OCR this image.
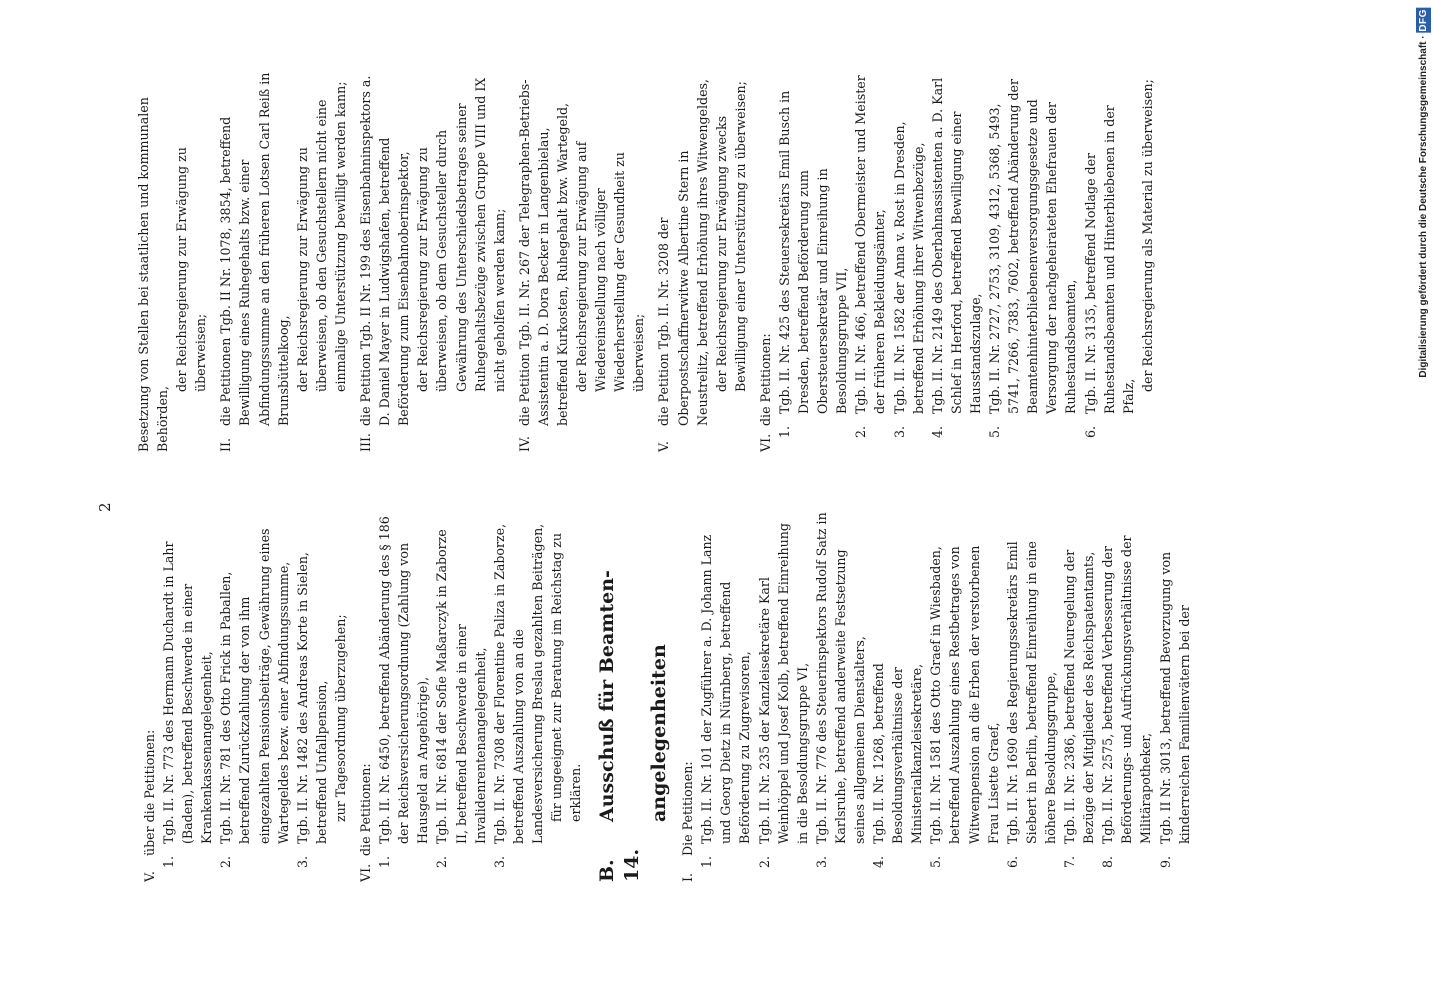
2
V.
über die Petitionen:
1.
Tgb. II. Nr. 773 des Hermann Duchardt in Lahr (Baden), betreffend Beschwerde in einer Krankenkassenangelegenheit,
2.
Tgb. II. Nr. 781 des Otto Frick in Paballen, betreffend Zurückzahlung der von ihm eingezahlten Pensionsbeiträge, Gewährung eines Wartegeldes bezw. einer Abfindungssumme,
3.
Tgb. II. Nr. 1482 des Andreas Korte in Sielen, betreffend Unfallpension, zur Tagesordnung überzugehen;
VI.
die Petitionen:
1.
Tgb. II. Nr. 6450, betreffend Abänderung des § 186 der Reichsversicherungsordnung (Zahlung von Hausgeld an Angehörige),
2.
Tgb. II. Nr. 6814 der Sofie Maßarczyk in Zaborze II, betreffend Beschwerde in einer Invalidenrentenangelegenheit,
3.
Tgb. II. Nr. 7308 der Florentine Paliza in Zaborze, betreffend Auszahlung von an die Landesversicherung Breslau gezahlten Beiträgen, für ungeeignet zur Beratung im Reichstag zu erklären.
B. 14.
Ausschuß für Beamten-	angelegenheiten
I.
Die Petitionen:
1.
Tgb. II. Nr. 101 der Zugführer a. D. Johann Lanz und Georg Dietz in Nürnberg, betreffend Beförderung zu Zugrevisoren,
2.
Tgb. II. Nr. 235 der Kanzleisekretäre Karl Weinhöppel und Josef Kolb, betreffend Einreihung in die Besoldungsgruppe VI,
3.
Tgb. II. Nr. 776 des Steuerinspektors Rudolf Satz in Karlsruhe, betreffend anderweite Festsetzung seines allgemeinen Dienstalters,
4.
Tgb. II. Nr. 1268, betreffend Besoldungsverhältnisse der Ministerialkanzleisekretäre,
5.
Tgb. II. Nr. 1581 des Otto Graef in Wiesbaden, betreffend Auszahlung eines Restbetrages von Witwenpension an die Erben der verstorbenen Frau Lisette Graef,
6.
Tgb. II. Nr. 1690 des Regierungssekretärs Emil Siebert in Berlin, betreffend Einreihung in eine höhere Besoldungsgruppe,
7.
Tgb. II. Nr. 2386, betreffend Neuregelung der Bezüge der Mitglieder des Reichspatentamts,
8.
Tgb. II. Nr. 2575, betreffend Verbesserung der Beförderungs- und Aufrückungsverhältnisse der Militärapotheker,
9.
Tgb. II Nr. 3013, betreffend Bevorzugung von kinderreichen Familienvätern bei der
Besetzung von Stellen bei staatlichen und kommunalen Behörden,
der Reichsregierung zur Erwägung zu überweisen;
II.
die Petitionen Tgb. II Nr. 1078, 3854, betreffend Bewilligung eines Ruhegehalts bzw. einer Abfindungssumme an den früheren Lotsen Carl Reiß in Brunsbüttelkoog, der Reichsregierung zur Erwägung zu überweisen, ob den Gesuchstellern nicht eine einmalige Unterstützung bewilligt werden kann;
III.
die Petition Tgb. II Nr. 199 des Eisenbahninspektors a. D. Daniel Mayer in Ludwigshafen, betreffend Beförderung zum Eisenbahnoberinspektor, der Reichsregierung zur Erwägung zu überweisen, ob dem Gesuchsteller durch Gewährung des Unterschiedsbetrages seiner Ruhegehaltsbezüge zwischen Gruppe VIII und IX nicht geholfen werden kann;
IV.
die Petition Tgb. II. Nr. 267 der Telegraphen-Betriebs-Assistentin a. D. Dora Becker in Langenbielau, betreffend Kurkosten, Ruhegehalt bzw. Wartegeld, der Reichsregierung zur Erwägung auf Wiedereinstellung nach völliger Wiederherstellung der Gesundheit zu überweisen;
V.
die Petition Tgb. II. Nr. 3208 der Oberpostschaffnerwitwe Albertine Stern in Neustrelitz, betreffend Erhöhung ihres Witwengeldes, der Reichsregierung zur Erwägung zwecks Bewilligung einer Unterstützung zu überweisen;
VI.
die Petitionen:
1.
Tgb. II. Nr. 425 des Steuersekretärs Emil Busch in Dresden, betreffend Beförderung zum Obersteuersekretär und Einreihung in Besoldungsgruppe VII,
2.
Tgb. II. Nr. 466, betreffend Obermeister und Meister der früheren Bekleidungsämter,
3.
Tgb. II. Nr. 1582 der Anna v. Rost in Dresden, betreffend Erhöhung ihrer Witwenbezüge,
4.
Tgb. II. Nr. 2149 des Oberbahnassistenten a. D. Karl Schlef in Herford, betreffend Bewilligung einer Hausstandszulage,
5.
Tgb. II. Nr. 2727, 2753, 3109, 4312, 5368, 5493, 5741, 7266, 7383, 7602, betreffend Abänderung der Beamtenhinterbliebenenversorgungsgesetze und Versorgung der nachgeheirateten Ehefrauen der Ruhestandsbeamten,
6.
Tgb. II. Nr. 3135, betreffend Notlage der Ruhestandsbeamten und Hinterbliebenen in der Pfalz,
der Reichsregierung als Material zu überweisen;	Digitalisierung gefördert durch die Deutsche Forschungsgemeinschaft · DFG
